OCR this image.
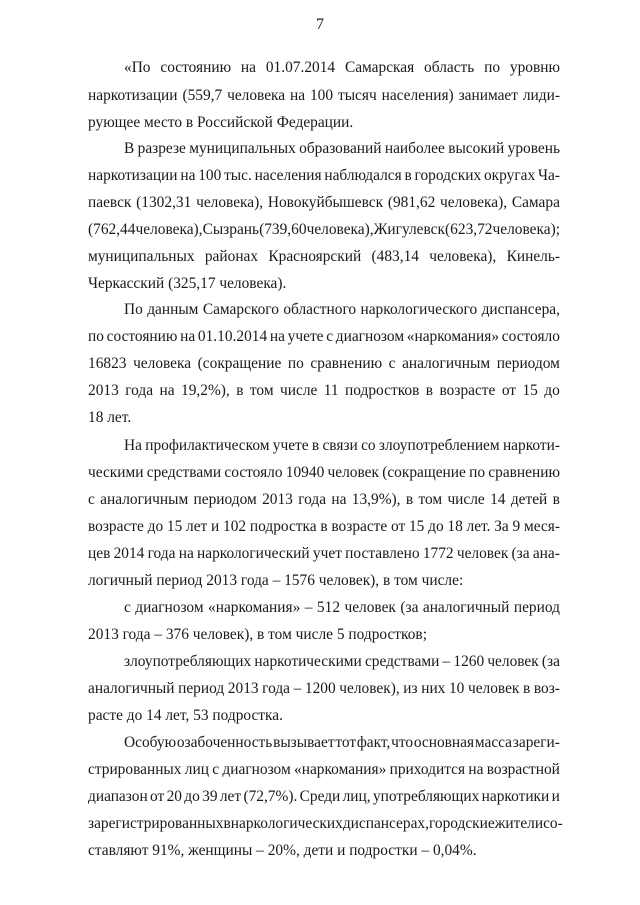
7
«По состоянию на 01.07.2014 Самарская область по уровню
наркотизации (559,7 человека на 100 тысяч населения) занимает лиди-
рующее место в Российской Федерации.
В разрезе муниципальных образований наиболее высокий уровень
наркотизации на 100 тыс. населения наблюдался в городских округах Ча-
паевск (1302,31 человека), Новокуйбышевск (981,62 человека), Самара
(762,44 человека), Сызрань (739,60 человека), Жигулевск (623,72 человека);
муниципальных районах Красноярский (483,14 человека), Кинель-
Черкасский (325,17 человека).
По данным Самарского областного наркологического диспансера,
по состоянию на 01.10.2014 на учете с диагнозом «наркомания» состояло
16823 человека (сокращение по сравнению с аналогичным периодом
2013 года на 19,2%), в том числе 11 подростков в возрасте от 15 до
18 лет.
На профилактическом учете в связи со злоупотреблением наркоти-
ческими средствами состояло 10940 человек (сокращение по сравнению
с аналогичным периодом 2013 года на 13,9%), в том числе 14 детей в
возрасте до 15 лет и 102 подростка в возрасте от 15 до 18 лет. За 9 меся-
цев 2014 года на наркологический учет поставлено 1772 человек (за ана-
логичный период 2013 года – 1576 человек), в том числе:
с диагнозом «наркомания» – 512 человек (за аналогичный период
2013 года – 376 человек), в том числе 5 подростков;
злоупотребляющих наркотическими средствами – 1260 человек (за
аналогичный период 2013 года – 1200 человек), из них 10 человек в воз-
расте до 14 лет, 53 подростка.
Особую озабоченность вызывает тот факт, что основная масса зареги-
стрированных лиц с диагнозом «наркомания» приходится на возрастной
диапазон от 20 до 39 лет (72,7%). Среди лиц, употребляющих наркотики и
зарегистрированных в наркологических диспансерах, городские жители со-
ставляют 91%, женщины – 20%, дети и подростки – 0,04%.
